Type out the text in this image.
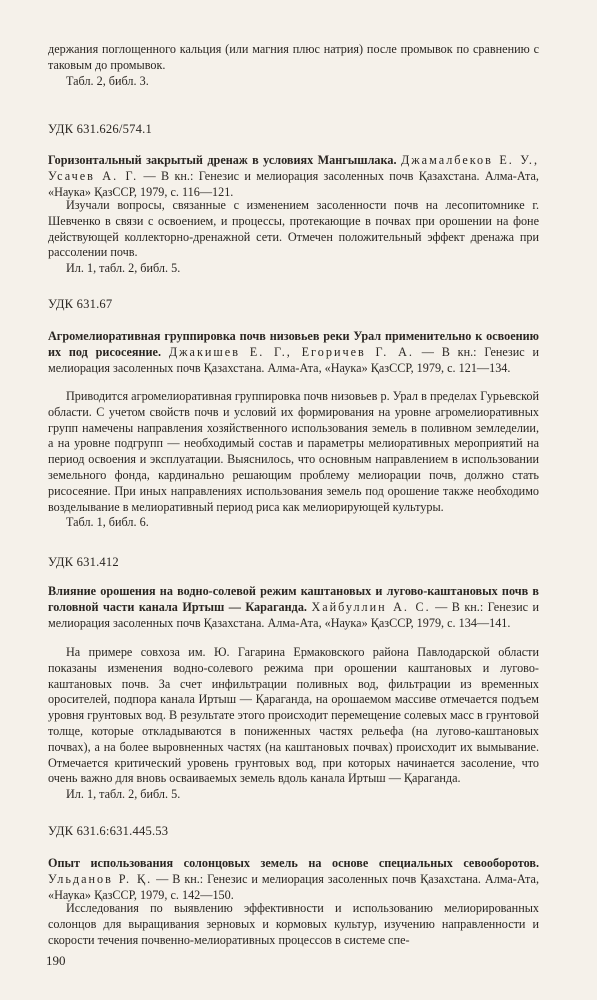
держания поглощенного кальция (или магния плюс натрия) после промывок по сравнению с таковым до промывок.

Табл. 2, библ. 3.

УДК 631.626/574.1

Горизонтальный закрытый дренаж в условиях Мангышлака. Джамалбеков Е. У., Усачев А. Г. — В кн.: Генезис и мелиорация засоленных почв Қазахстана. Алма-Ата, «Наука» ҚазССР, 1979, с. 116—121.

Изучали вопросы, связанные с изменением засоленности почв на лесопитомнике г. Шевченко в связи с освоением, и процессы, протекающие в почвах при орошении на фоне действующей коллекторно-дренажной сети. Отмечен положительный эффект дренажа при рассолении почв.

Ил. 1, табл. 2, библ. 5.

УДК 631.67

Агромелиоративная группировка почв низовьев реки Урал применительно к освоению их под рисосеяние. Джакишев Е. Г., Егоричев Г. А. — В кн.: Генезис и мелиорация засоленных почв Қазахстана. Алма-Ата, «Наука» ҚазССР, 1979, с. 121—134.

Приводится агромелиоративная группировка почв низовьев р. Урал в пределах Гурьевской области. С учетом свойств почв и условий их формирования на уровне агромелиоративных групп намечены направления хозяйственного использования земель в поливном земледелии, а на уровне подгрупп — необходимый состав и параметры мелиоративных мероприятий на период освоения и эксплуатации. Выяснилось, что основным направлением в использовании земельного фонда, кардинально решающим проблему мелиорации почв, должно стать рисосеяние. При иных направлениях использования земель под орошение также необходимо возделывание в мелиоративный период риса как мелиорирующей культуры.

Табл. 1, библ. 6.

УДК 631.412

Влияние орошения на водно-солевой режим каштановых и лугово-каштановых почв в головной части канала Иртыш — Караганда. Хайбуллин А. С. — В кн.: Генезис и мелиорация засоленных почв Қазахстана. Алма-Ата, «Наука» ҚазССР, 1979, с. 134—141.

На примере совхоза им. Ю. Гагарина Ермаковского района Павлодарской области показаны изменения водно-солевого режима при орошении каштановых и лугово-каштановых почв. За счет инфильтрации поливных вод, фильтрации из временных оросителей, подпора канала Иртыш — Қараганда, на орошаемом массиве отмечается подъем уровня грунтовых вод. В результате этого происходит перемещение солевых масс в грунтовой толще, которые откладываются в пониженных частях рельефа (на лугово-каштановых почвах), а на более выровненных частях (на каштановых почвах) происходит их вымывание. Отмечается критический уровень грунтовых вод, при которых начинается засоление, что очень важно для вновь осваиваемых земель вдоль канала Иртыш — Қараганда.

Ил. 1, табл. 2, библ. 5.

УДК 631.6:631.445.53

Опыт использования солонцовых земель на основе специальных севооборотов. Ульданов Р. Қ. — В кн.: Генезис и мелиорация засоленных почв Қазахстана. Алма-Ата, «Наука» ҚазССР, 1979, с. 142—150.

Исследования по выявлению эффективности и использованию мелиорированных солонцов для выращивания зерновых и кормовых культур, изучению направленности и скорости течения почвенно-мелиоративных процессов в системе спе-

190
